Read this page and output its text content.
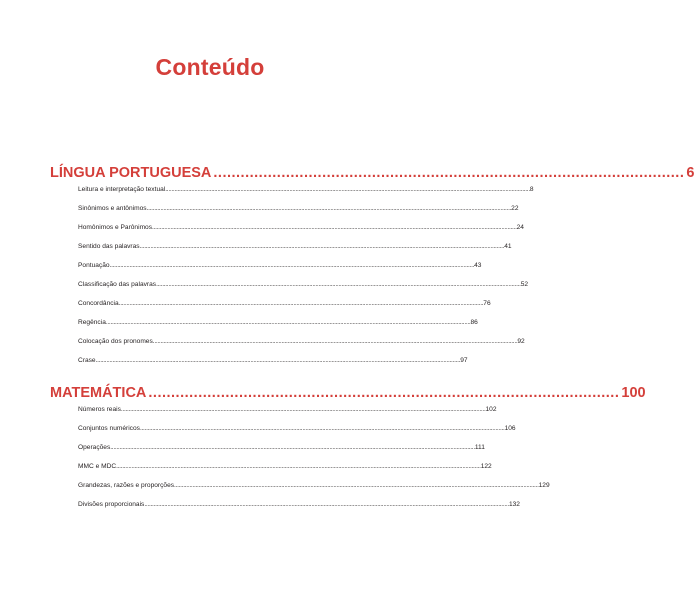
Conteúdo
LÍNGUA PORTUGUESA ........................................................................................................ 6
Leitura e interpretação textual .............................................................................................................................................................................................................................................. 8
Sinônimos e antônimos .............................................................................................................................................................................................................................................. 22
Homônimos e Parônimos .............................................................................................................................................................................................................................................. 24
Sentido das palavras .............................................................................................................................................................................................................................................. 41
Pontuação .............................................................................................................................................................................................................................................. 43
Classificação das palavras .............................................................................................................................................................................................................................................. 52
Concordância .............................................................................................................................................................................................................................................. 76
Regência .............................................................................................................................................................................................................................................. 86
Colocação dos pronomes .............................................................................................................................................................................................................................................. 92
Crase .............................................................................................................................................................................................................................................. 97
MATEMÁTICA ........................................................................................................ 100
Números reais .............................................................................................................................................................................................................................................. 102
Conjuntos numéricos .............................................................................................................................................................................................................................................. 106
Operações .............................................................................................................................................................................................................................................. 111
MMC e MDC .............................................................................................................................................................................................................................................. 122
Grandezas, razões e proporções .............................................................................................................................................................................................................................................. 129
Divisões proporcionais .............................................................................................................................................................................................................................................. 132
